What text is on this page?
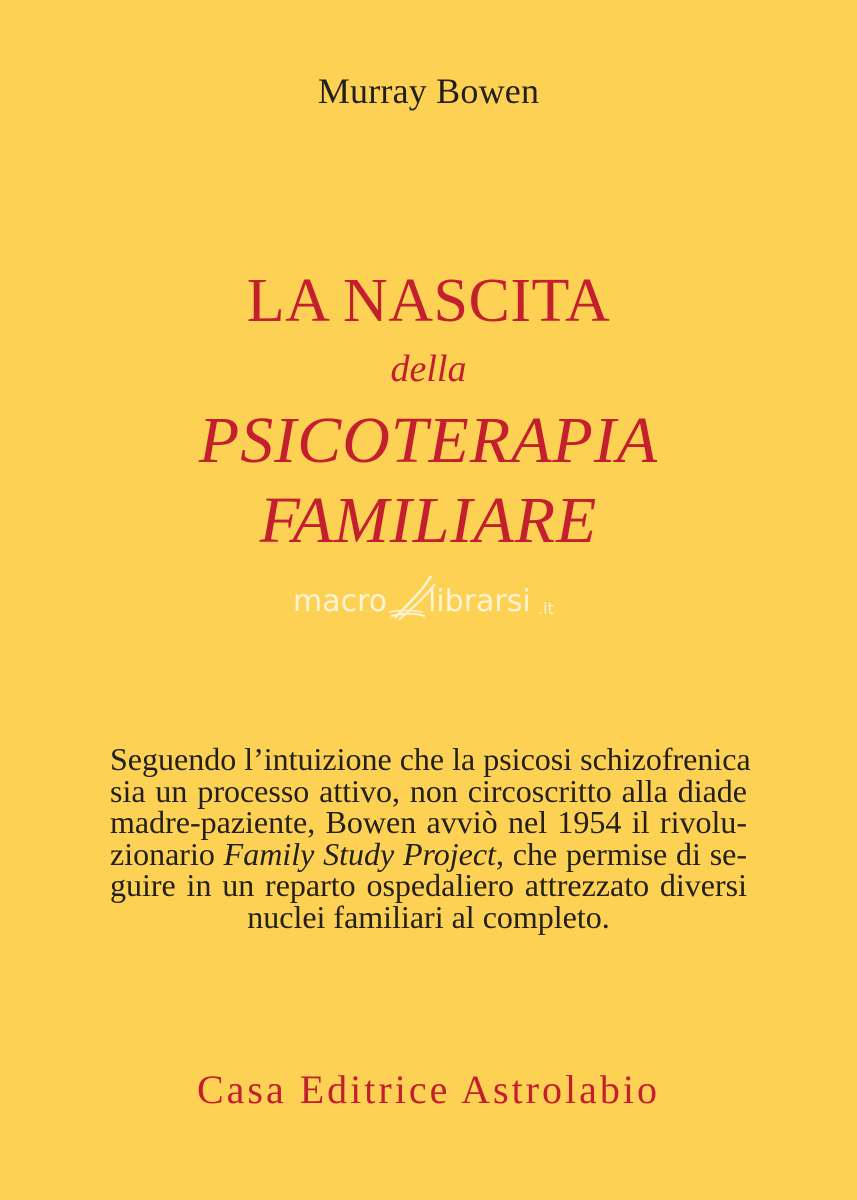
Murray Bowen
LA NASCITA
della
PSICOTERAPIA
FAMILIARE
macro librarsi .it
Seguendo l’intuizione che la psicosi schizofrenica
sia un processo attivo, non circoscritto alla diade
madre-paziente, Bowen avviò nel 1954 il rivolu-
zionario Family Study Project, che permise di se-
guire in un reparto ospedaliero attrezzato diversi
nuclei familiari al completo.
Casa Editrice Astrolabio
